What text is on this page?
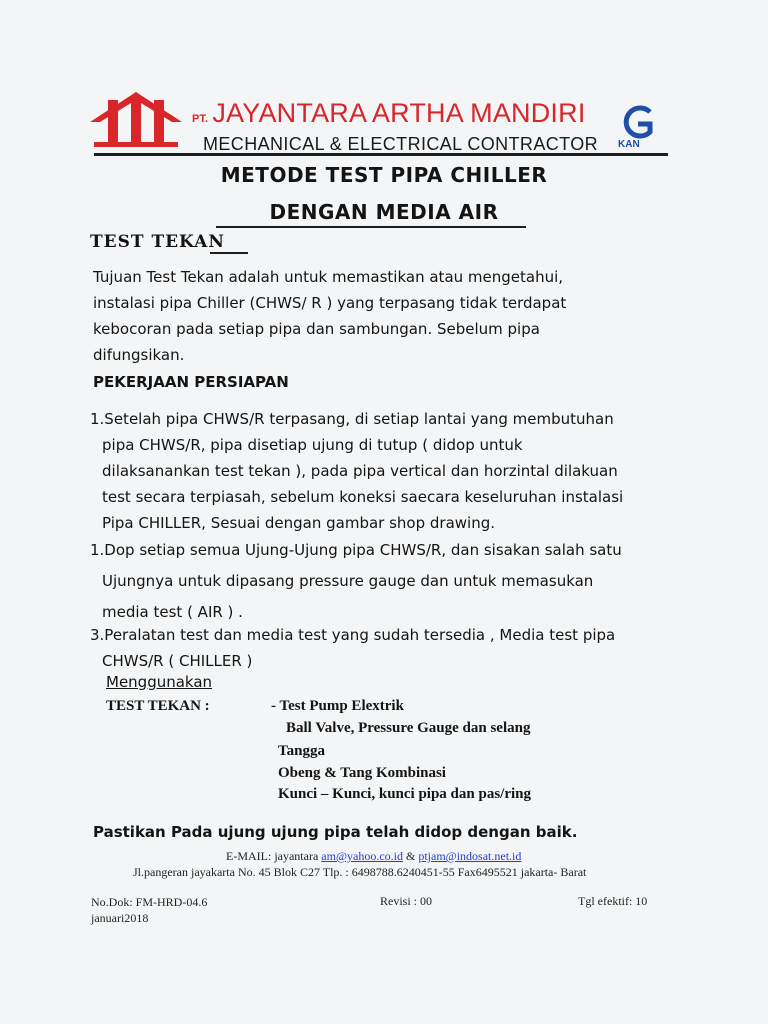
PT. JAYANTARA ARTHA MANDIRI
MECHANICAL & ELECTRICAL CONTRACTOR KAN
METODE TEST PIPA CHILLER
DENGAN MEDIA AIR
TEST TEKAN
Tujuan Test Tekan adalah untuk memastikan atau mengetahui,
instalasi pipa Chiller (CHWS/ R ) yang terpasang tidak terdapat
kebocoran pada setiap pipa dan sambungan. Sebelum pipa
difungsikan.
PEKERJAAN PERSIAPAN
1.Setelah pipa CHWS/R terpasang, di setiap lantai yang membutuhan
pipa CHWS/R, pipa disetiap ujung di tutup ( didop untuk
dilaksanankan test tekan ), pada pipa vertical dan horzintal dilakuan
test secara terpiasah, sebelum koneksi saecara keseluruhan instalasi
Pipa CHILLER, Sesuai dengan gambar shop drawing.
1.Dop setiap semua Ujung-Ujung pipa CHWS/R, dan sisakan salah satu
Ujungnya untuk dipasang pressure gauge dan untuk memasukan
media test ( AIR ) .
3.Peralatan test dan media test yang sudah tersedia , Media test pipa
CHWS/R ( CHILLER )
Menggunakan
TEST TEKAN :	- Test Pump Elextrik
Ball Valve, Pressure Gauge dan selang
Tangga
Obeng & Tang Kombinasi
Kunci – Kunci, kunci pipa dan pas/ring
Pastikan Pada ujung ujung pipa telah didop dengan baik.
E-MAIL: jayantara am@yahoo.co.id & ptjam@indosat.net.id
Jl.pangeran jayakarta No. 45 Blok C27 Tlp. : 6498788.6240451-55 Fax6495521 jakarta- Barat
No.Dok: FM-HRD-04.6
januari2018
Revisi : 00	Tgl efektif: 10
